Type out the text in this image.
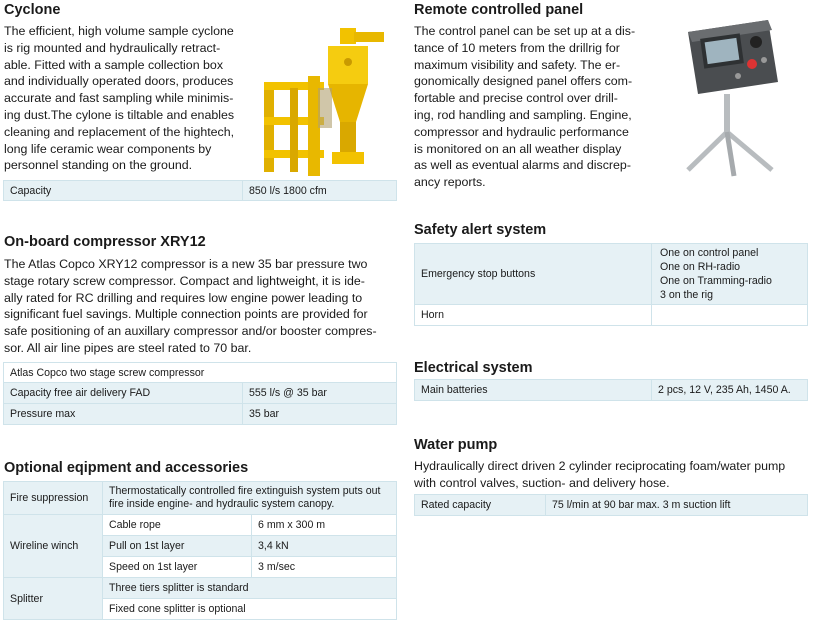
Cyclone
The efficient, high volume sample cyclone
is rig mounted and hydraulically retract-
able. Fitted with a sample collection box
and individually operated doors, produces
accurate and fast sampling while minimis-
ing dust.The cylone is tiltable and enables
cleaning and replacement of the hightech,
long life ceramic wear components by
personnel standing on the ground.
Capacity	850 l/s 1800 cfm
Remote controlled panel
The control panel can be set up at a dis-
tance of 10 meters from the drillrig for
maximum visibility and safety. The er-
gonomically designed panel offers com-
fortable and precise control over drill-
ing, rod handling and sampling. Engine,
compressor and hydraulic performance
is monitored on an all weather display
as well as eventual alarms and discrep-
ancy reports.
On-board compressor XRY12
The Atlas Copco XRY12 compressor is a new 35 bar pressure two
stage rotary screw compressor. Compact and lightweight, it is ide-
ally rated for RC drilling and requires low engine power leading to
significant fuel savings. Multiple connection points are provided for
safe positioning of an auxillary compressor and/or booster compres-
sor. All air line pipes are steel rated to 70 bar.
Atlas Copco two stage screw compressor	
Capacity free air delivery FAD	555 l/s @ 35 bar
Pressure max	35 bar
Safety alert system
Emergency stop buttons	One on control panel
One on RH-radio
One on Tramming-radio
3 on the rig

Horn	
Electrical system
Main batteries	2 pcs, 12 V, 235 Ah, 1450 A.
Water pump
Hydraulically direct driven 2 cylinder reciprocating foam/water pump
with control valves, suction- and delivery hose.
Rated capacity	75 l/min at 90 bar max. 3 m suction lift
Optional eqipment and accessories
Fire suppression	Thermostatically controlled fire extinguish system puts out fire inside engine- and hydraulic system canopy.	
Wireline winch	Cable rope	6 mm x 300 m
	Pull on 1st layer	3,4 kN
	Speed on 1st layer	3 m/sec
Splitter	Three tiers splitter is standard	
	Fixed cone splitter is optional	
